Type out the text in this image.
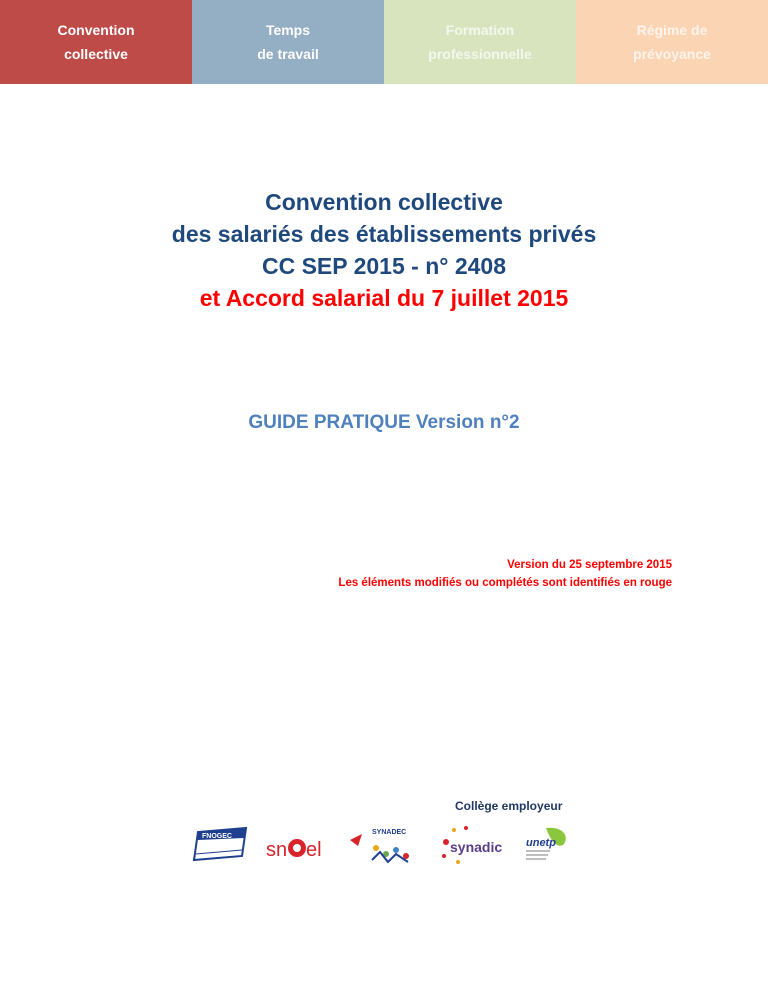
Convention
collective
Temps
de travail
Formation
professionnelle
Régime de
prévoyance
Convention collective
des salariés des établissements privés
CC SEP 2015 - n° 2408
et Accord salarial du 7 juillet 2015
GUIDE PRATIQUE Version n°2
Version du 25 septembre 2015
Les éléments modifiés ou complétés sont identifiés en rouge
Collège employeur
FNOGEC
sn el
SYNADEC
synadic unetp
